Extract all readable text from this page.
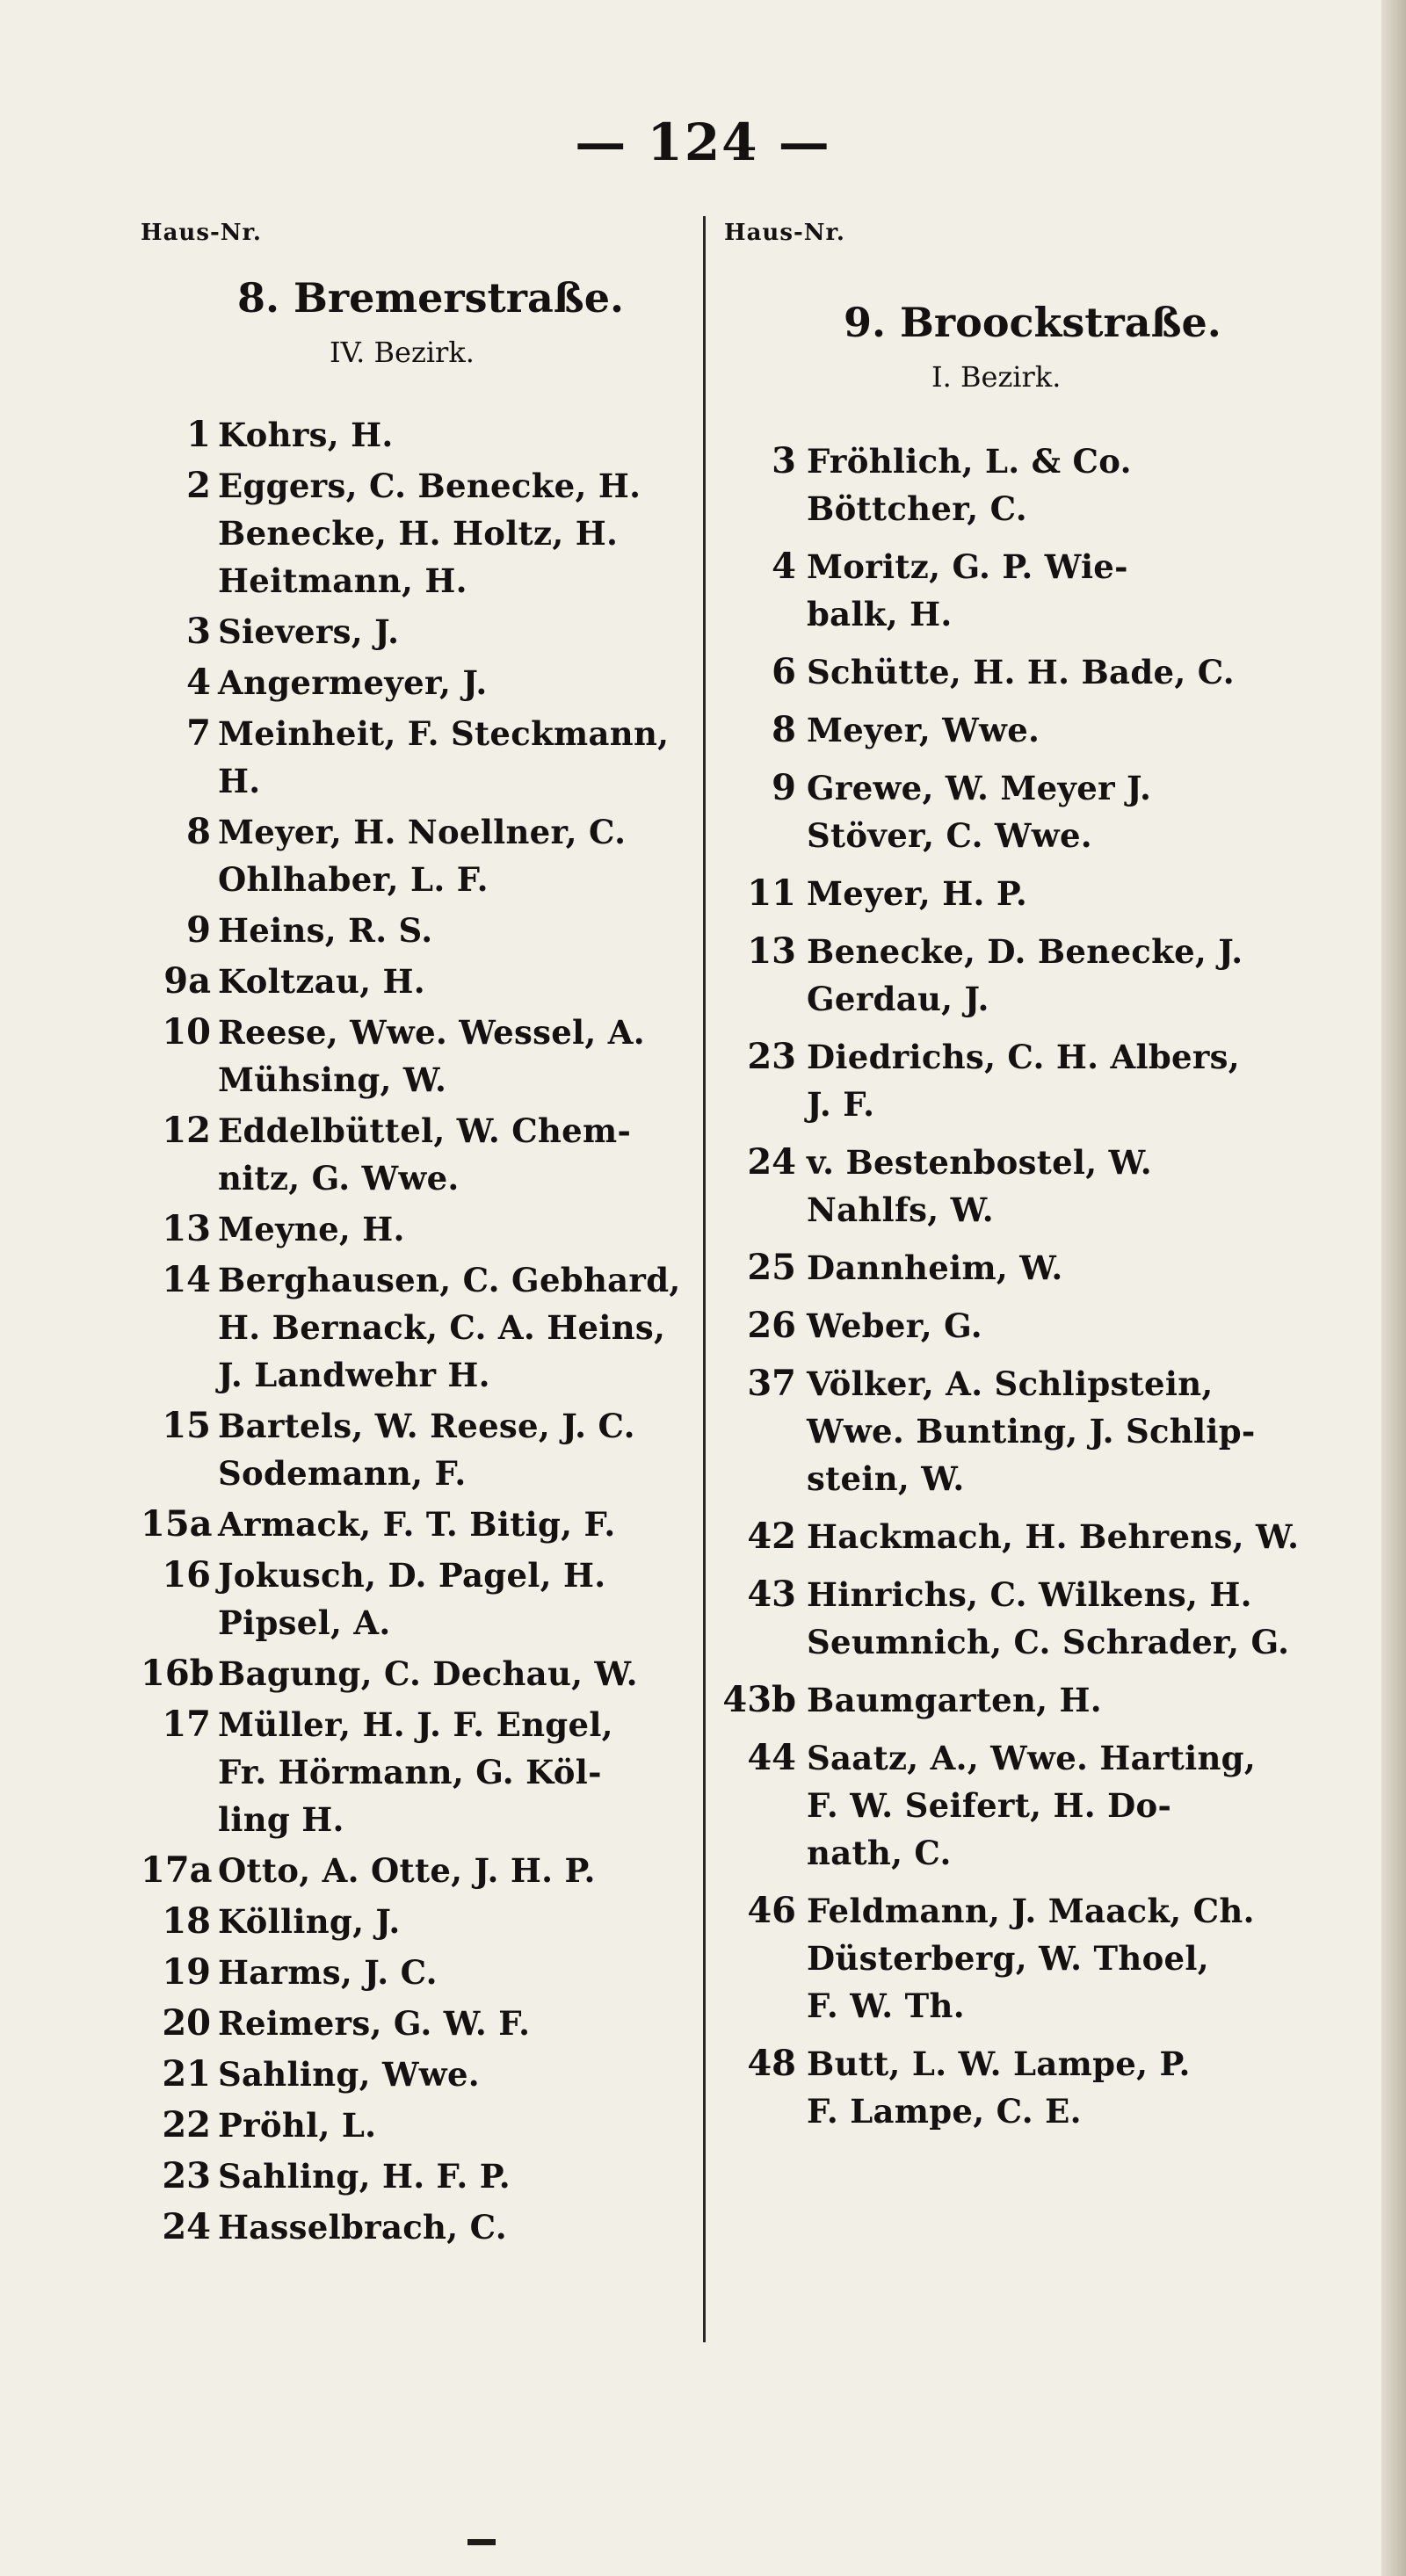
— 124 —
Haus-Nr.
8. Bremerstraße.
IV. Bezirk.
1 Kohrs, H.
2 Eggers, C. Benecke, H.
Benecke, H. Holtz, H.
Heitmann, H.
3 Sievers, J.
4 Angermeyer, J.
7 Meinheit, F. Steckmann,
H.
8 Meyer, H. Noellner, C.
Ohlhaber, L. F.
9 Heins, R. S.
9a Koltzau, H.
10 Reese, Wwe. Wessel, A.
Mühsing, W.
12 Eddelbüttel, W. Chem-
nitz, G. Wwe.
13 Meyne, H.
14 Berghausen, C. Gebhard,
H. Bernack, C. A. Heins,
J. Landwehr H.
15 Bartels, W. Reese, J. C.
Sodemann, F.
15a Armack, F. T. Bitig, F.
16 Jokusch, D. Pagel, H.
Pipsel, A.
16b Bagung, C. Dechau, W.
17 Müller, H. J. F. Engel,
Fr. Hörmann, G. Köl-
ling H.
17a Otto, A. Otte, J. H. P.
18 Kölling, J.
19 Harms, J. C.
20 Reimers, G. W. F.
21 Sahling, Wwe.
22 Pröhl, L.
23 Sahling, H. F. P.
24 Hasselbrach, C.
Haus-Nr.
9. Broockstraße.
I. Bezirk.
3 Fröhlich, L. & Co.
Böttcher, C.
4 Moritz, G. P. Wie-
balk, H.
6 Schütte, H. H. Bade, C.
8 Meyer, Wwe.
9 Grewe, W. Meyer J.
Stöver, C. Wwe.
11 Meyer, H. P.
13 Benecke, D. Benecke, J.
Gerdau, J.
23 Diedrichs, C. H. Albers,
J. F.
24 v. Bestenbostel, W.
Nahlfs, W.
25 Dannheim, W.
26 Weber, G.
37 Völker, A. Schlipstein,
Wwe. Bunting, J. Schlip-
stein, W.
42 Hackmach, H. Behrens, W.
43 Hinrichs, C. Wilkens, H.
Seumnich, C. Schrader, G.
43b Baumgarten, H.
44 Saatz, A., Wwe. Harting,
F. W. Seifert, H. Do-
nath, C.
46 Feldmann, J. Maack, Ch.
Düsterberg, W. Thoel,
F. W. Th.
48 Butt, L. W. Lampe, P.
F. Lampe, C. E.
